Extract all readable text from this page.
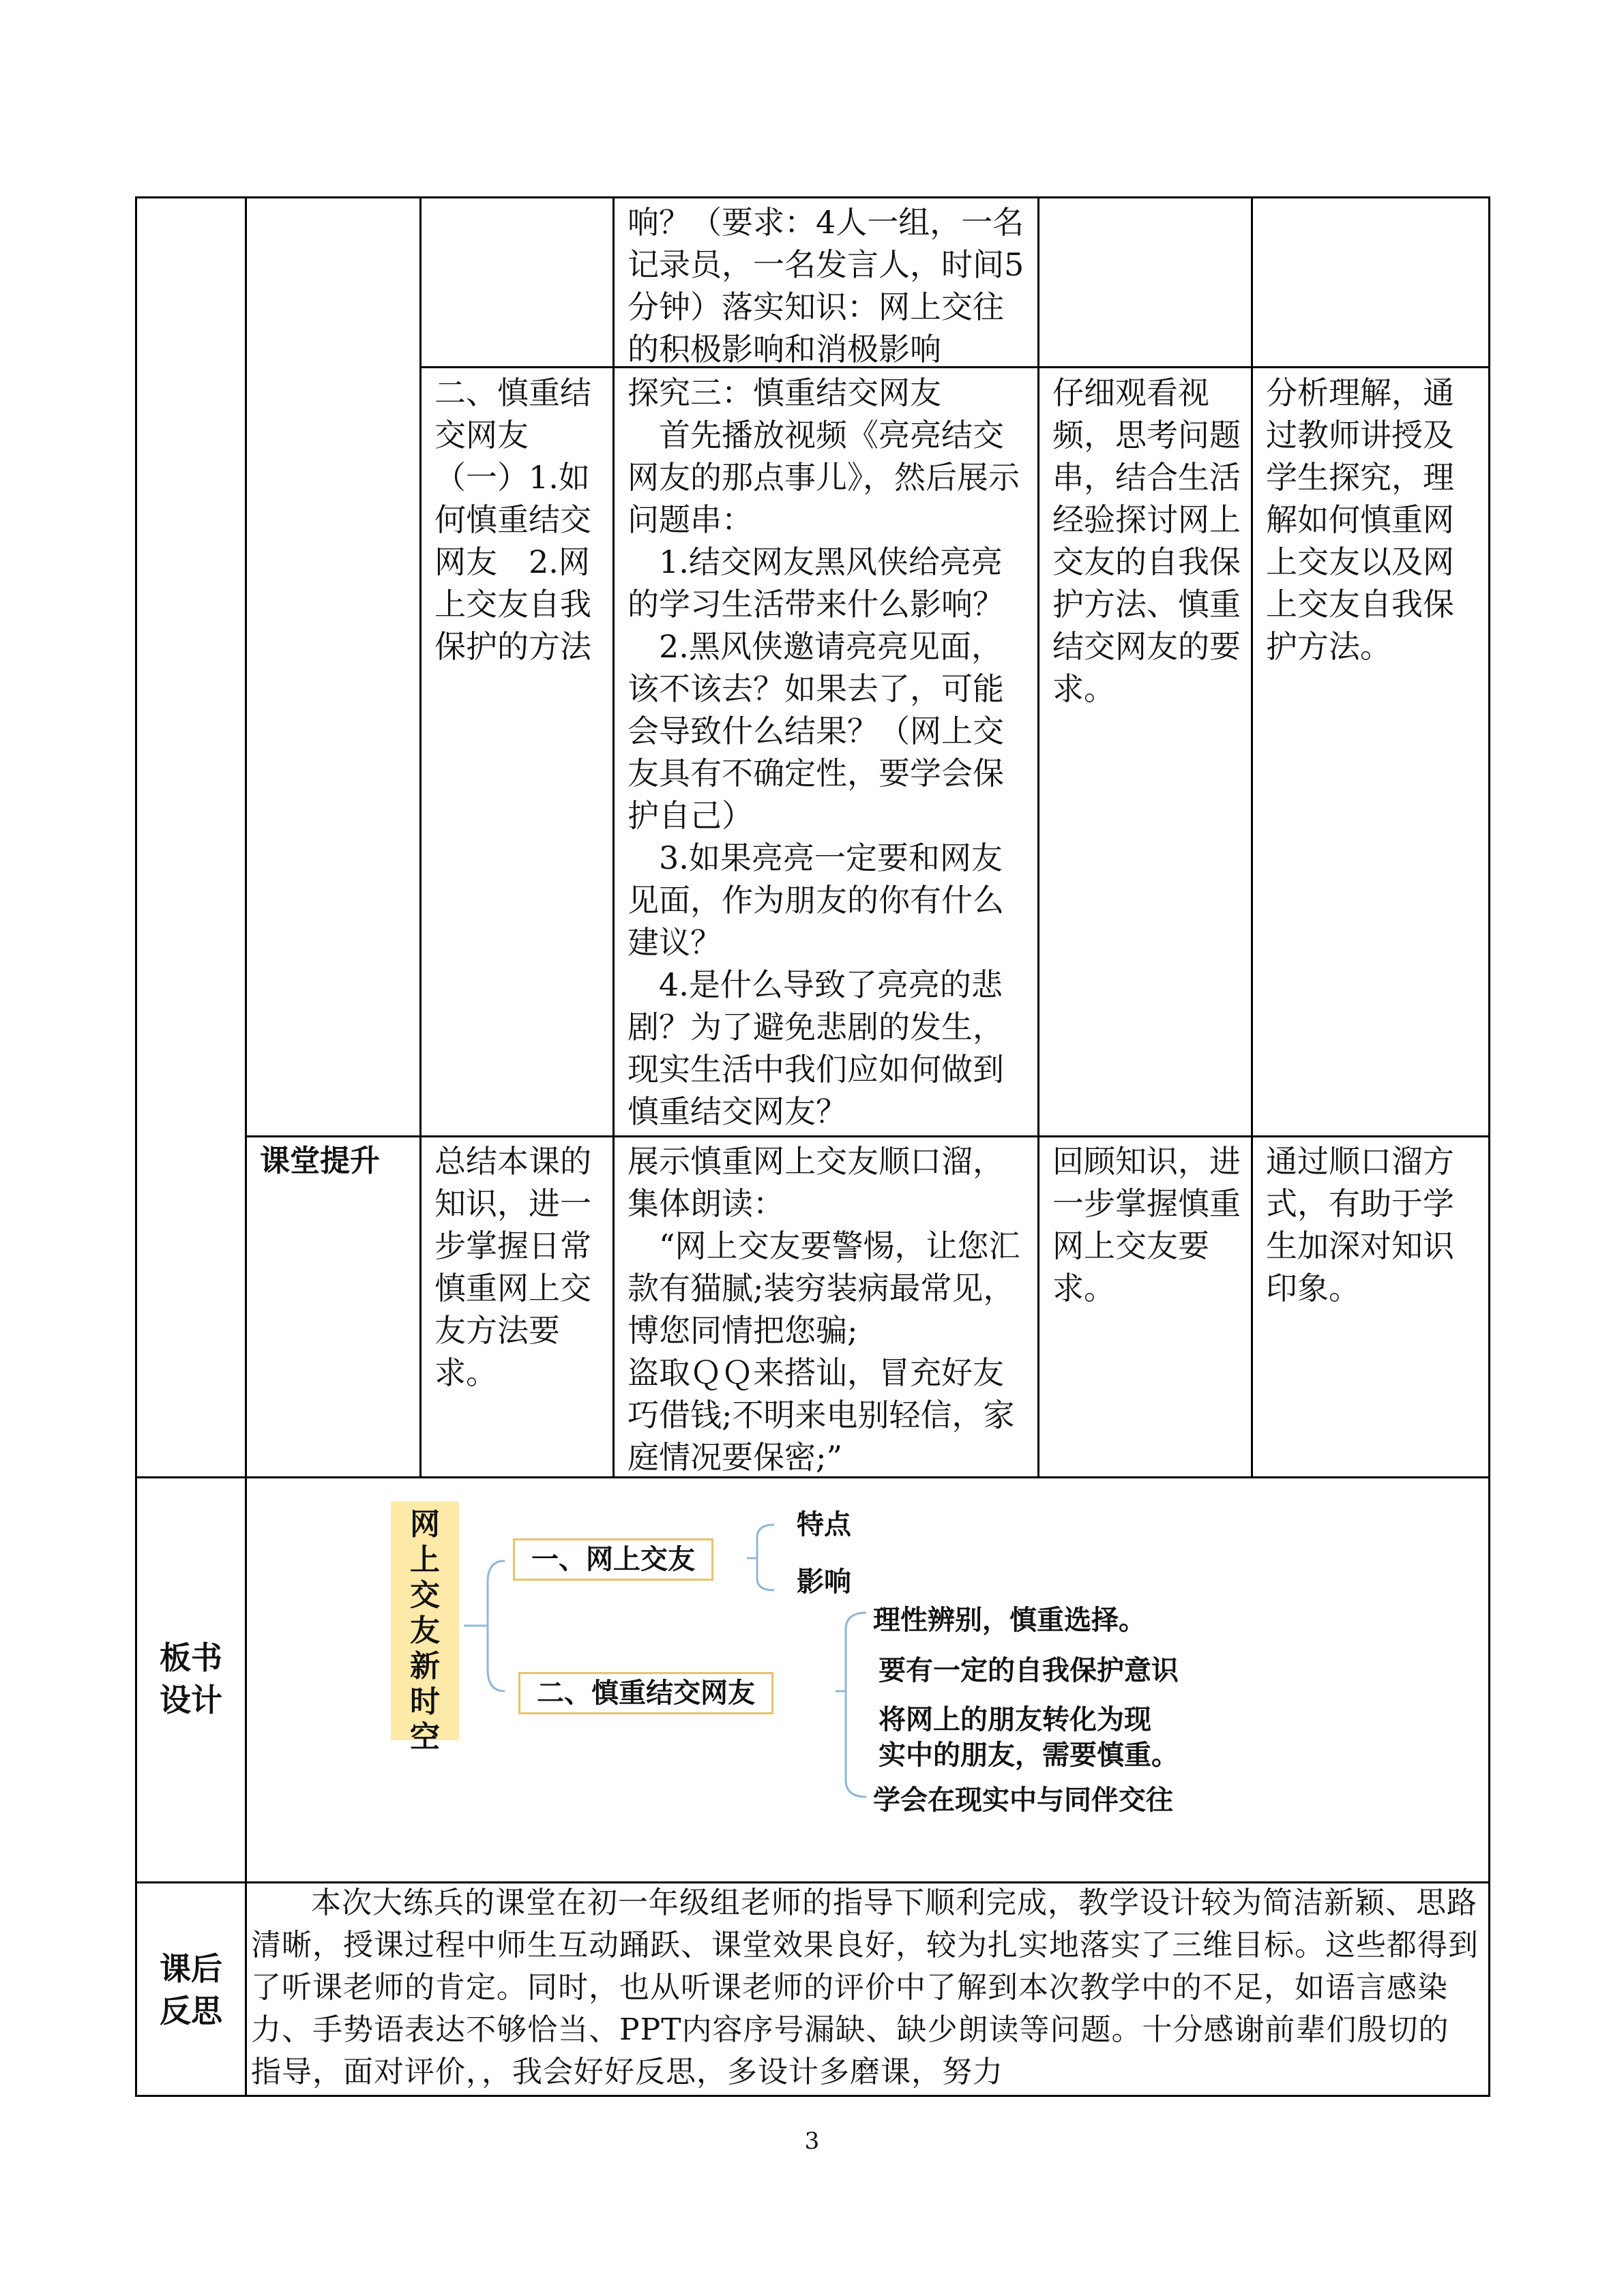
响？（要求：4人一组，一名记录员，一名发言人，时间5分钟）落实知识：网上交往的积极影响和消极影响
二、慎重结交网友
（一）1.如何慎重结交网友　2.网上交友自我保护的方法
探究三：慎重结交网友
　首先播放视频《亮亮结交网友的那点事儿》，然后展示问题串：
　1.结交网友黑风侠给亮亮的学习生活带来什么影响？
　2.黑风侠邀请亮亮见面，该不该去？如果去了，可能会导致什么结果？（网上交友具有不确定性，要学会保护自己）
　3.如果亮亮一定要和网友见面，作为朋友的你有什么建议？
　4.是什么导致了亮亮的悲剧？为了避免悲剧的发生，现实生活中我们应如何做到慎重结交网友？
仔细观看视频，思考问题串，结合生活经验探讨网上交友的自我保护方法、慎重结交网友的要求。
分析理解，通过教师讲授及学生探究，理解如何慎重网上交友以及网上交友自我保护方法。
课堂提升	总结本课的知识，进一步掌握日常慎重网上交友方法要求。
展示慎重网上交友顺口溜，集体朗读：
　“网上交友要警惕，让您汇款有猫腻;装穷装病最常见，博您同情把您骗;
盗取ＱＱ来搭讪，冒充好友巧借钱;不明来电别轻信，家庭情况要保密;”
回顾知识，进一步掌握慎重网上交友要求。
通过顺口溜方式，有助于学生加深对知识印象。
板书
设计
网上交友新时空
一、网上交友
特点
影响
二、慎重结交网友
理性辨别，慎重选择。
要有一定的自我保护意识
将网上的朋友转化为现
实中的朋友，需要慎重。
学会在现实中与同伴交往
课后
反思
本次大练兵的课堂在初一年级组老师的指导下顺利完成，教学设计较为简洁新颖、思路清晰，授课过程中师生互动踊跃、课堂效果良好，较为扎实地落实了三维目标。这些都得到了听课老师的肯定。同时，也从听课老师的评价中了解到本次教学中的不足，如语言感染力、手势语表达不够恰当、PPT内容序号漏缺、缺少朗读等问题。十分感谢前辈们殷切的指导，面对评价，，我会好好反思，多设计多磨课，努力
3
